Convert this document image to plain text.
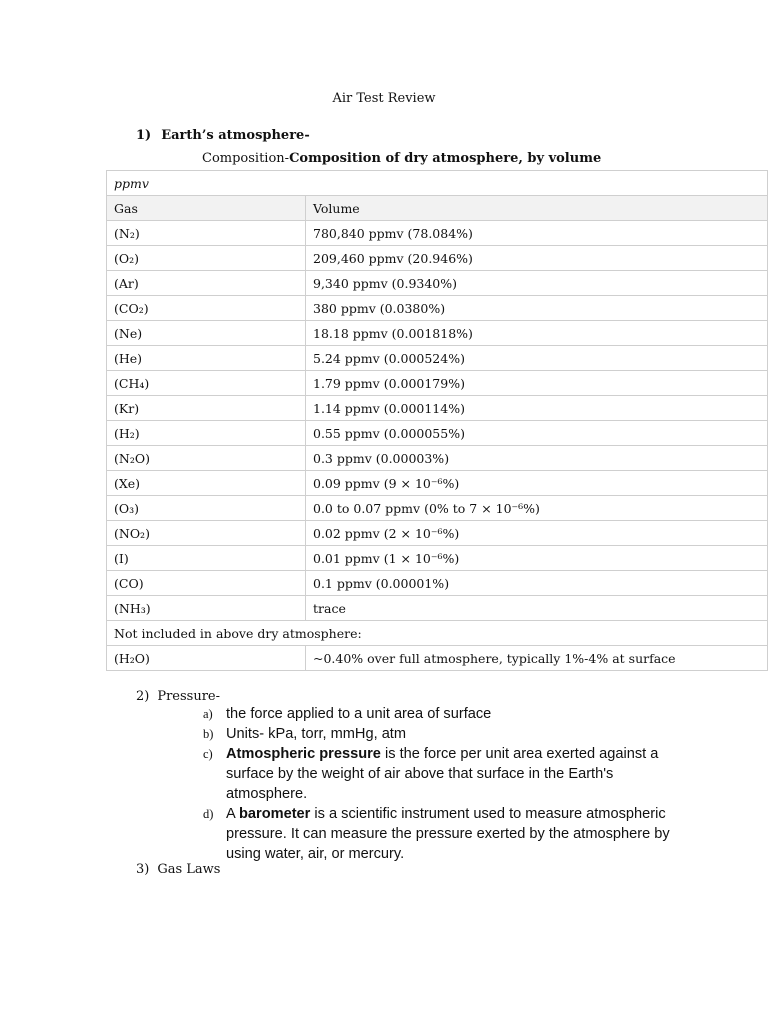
Air Test Review
1) Earth’s atmosphere-
Composition-Composition of dry atmosphere, by volume
ppmv	
Gas	Volume
(N₂)	780,840 ppmv (78.084%)
(O₂)	209,460 ppmv (20.946%)
(Ar)	9,340 ppmv (0.9340%)
(CO₂)	380 ppmv (0.0380%)
(Ne)	18.18 ppmv (0.001818%)
(He)	5.24 ppmv (0.000524%)
(CH₄)	1.79 ppmv (0.000179%)
(Kr)	1.14 ppmv (0.000114%)
(H₂)	0.55 ppmv (0.000055%)
(N₂O)	0.3 ppmv (0.00003%)
(Xe)	0.09 ppmv (9 × 10⁻⁶%)
(O₃)	0.0 to 0.07 ppmv (0% to 7 × 10⁻⁶%)
(NO₂)	0.02 ppmv (2 × 10⁻⁶%)
(I)	0.01 ppmv (1 × 10⁻⁶%)
(CO)	0.1 ppmv (0.00001%)
(NH₃)	trace
Not included in above dry atmosphere:	
(H₂O)	~0.40% over full atmosphere, typically 1%-4% at surface
2) Pressure-
a) the force applied to a unit area of surface
b) Units- kPa, torr, mmHg, atm
c) Atmospheric pressure is the force per unit area exerted against a surface by the weight of air above that surface in the Earth's atmosphere.
d) A barometer is a scientific instrument used to measure atmospheric pressure. It can measure the pressure exerted by the atmosphere by using water, air, or mercury.
3) Gas Laws
